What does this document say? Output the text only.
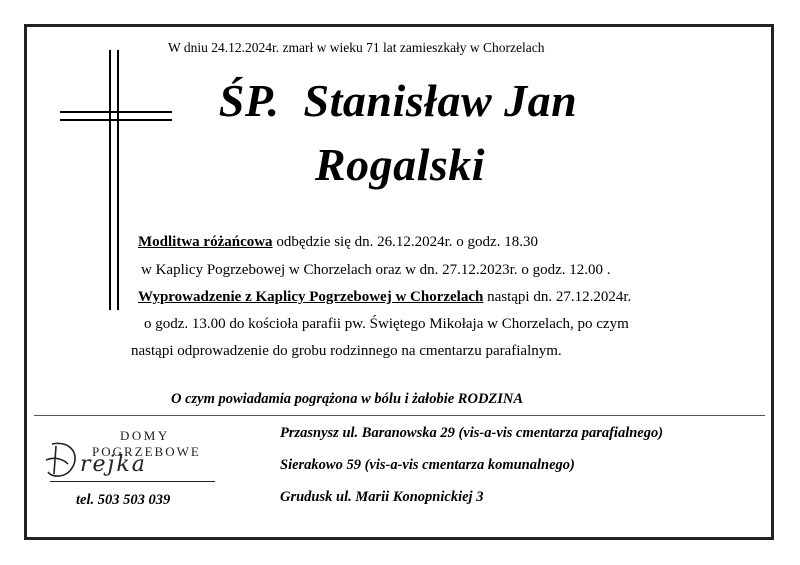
W dniu 24.12.2024r. zmarł w wieku 71 lat zamieszkały w Chorzelach
ŚP. Stanisław Jan
Rogalski
Modlitwa różańcowa odbędzie się dn. 26.12.2024r. o godz. 18.30
w Kaplicy Pogrzebowej w Chorzelach oraz w dn. 27.12.2023r. o godz. 12.00 .
Wyprowadzenie z Kaplicy Pogrzebowej w Chorzelach nastąpi dn. 27.12.2024r.
o godz. 13.00 do kościoła parafii pw. Świętego Mikołaja w Chorzelach, po czym
nastąpi odprowadzenie do grobu rodzinnego na cmentarzu parafialnym.
O czym powiadamia pogrążona w bólu i żałobie RODZINA
DOMY
POGRZEBOWE
rejka
tel. 503 503 039
Przasnysz ul. Baranowska 29 (vis-a-vis cmentarza parafialnego)
Sierakowo 59 (vis-a-vis cmentarza komunalnego)
Grudusk ul. Marii Konopnickiej 3
